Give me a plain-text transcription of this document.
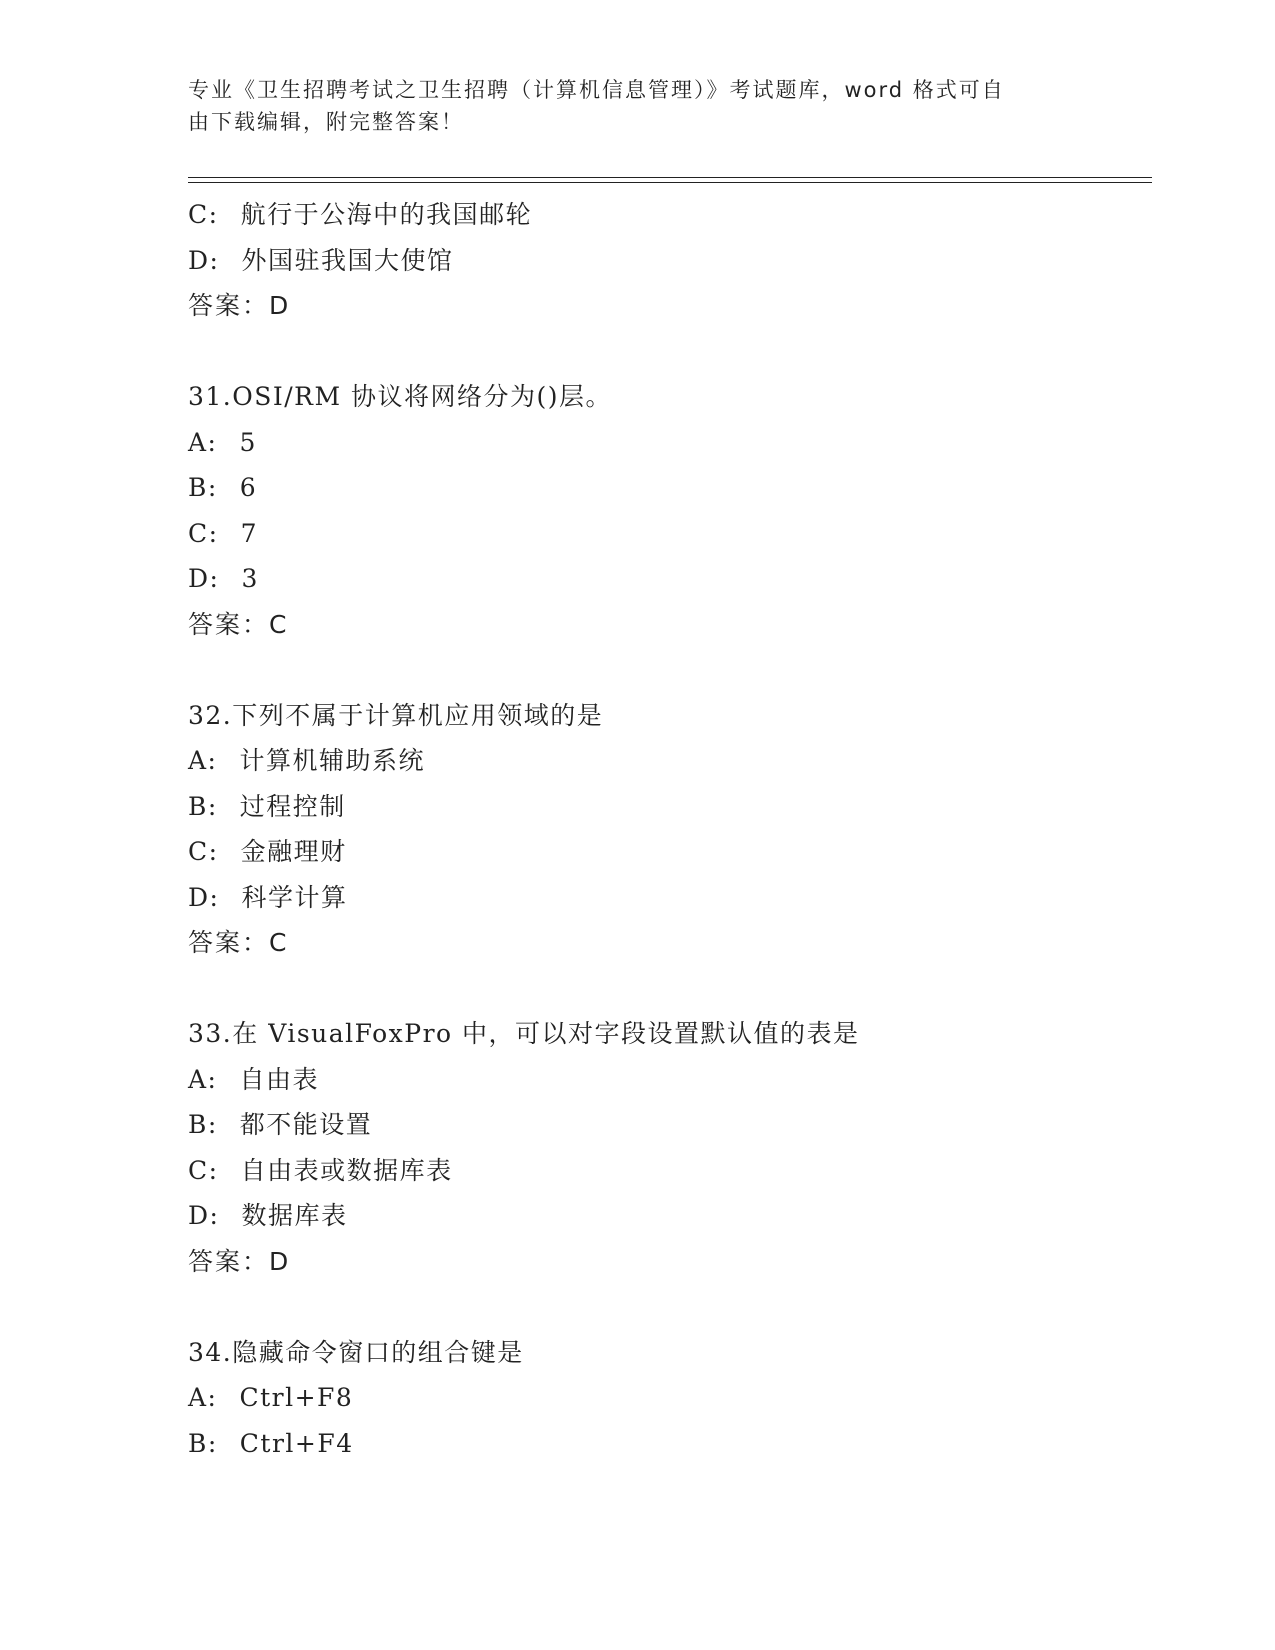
专业《卫生招聘考试之卫生招聘（计算机信息管理）》考试题库，word 格式可自
由下载编辑，附完整答案！
C: 航行于公海中的我国邮轮
D: 外国驻我国大使馆
答案：D
31.OSI/RM 协议将网络分为()层。
A: 5
B: 6
C: 7
D: 3
答案：C
32.下列不属于计算机应用领域的是
A: 计算机辅助系统
B: 过程控制
C: 金融理财
D: 科学计算
答案：C
33.在 VisualFoxPro 中，可以对字段设置默认值的表是
A: 自由表
B: 都不能设置
C: 自由表或数据库表
D: 数据库表
答案：D
34.隐藏命令窗口的组合键是
A: Ctrl+F8
B: Ctrl+F4
